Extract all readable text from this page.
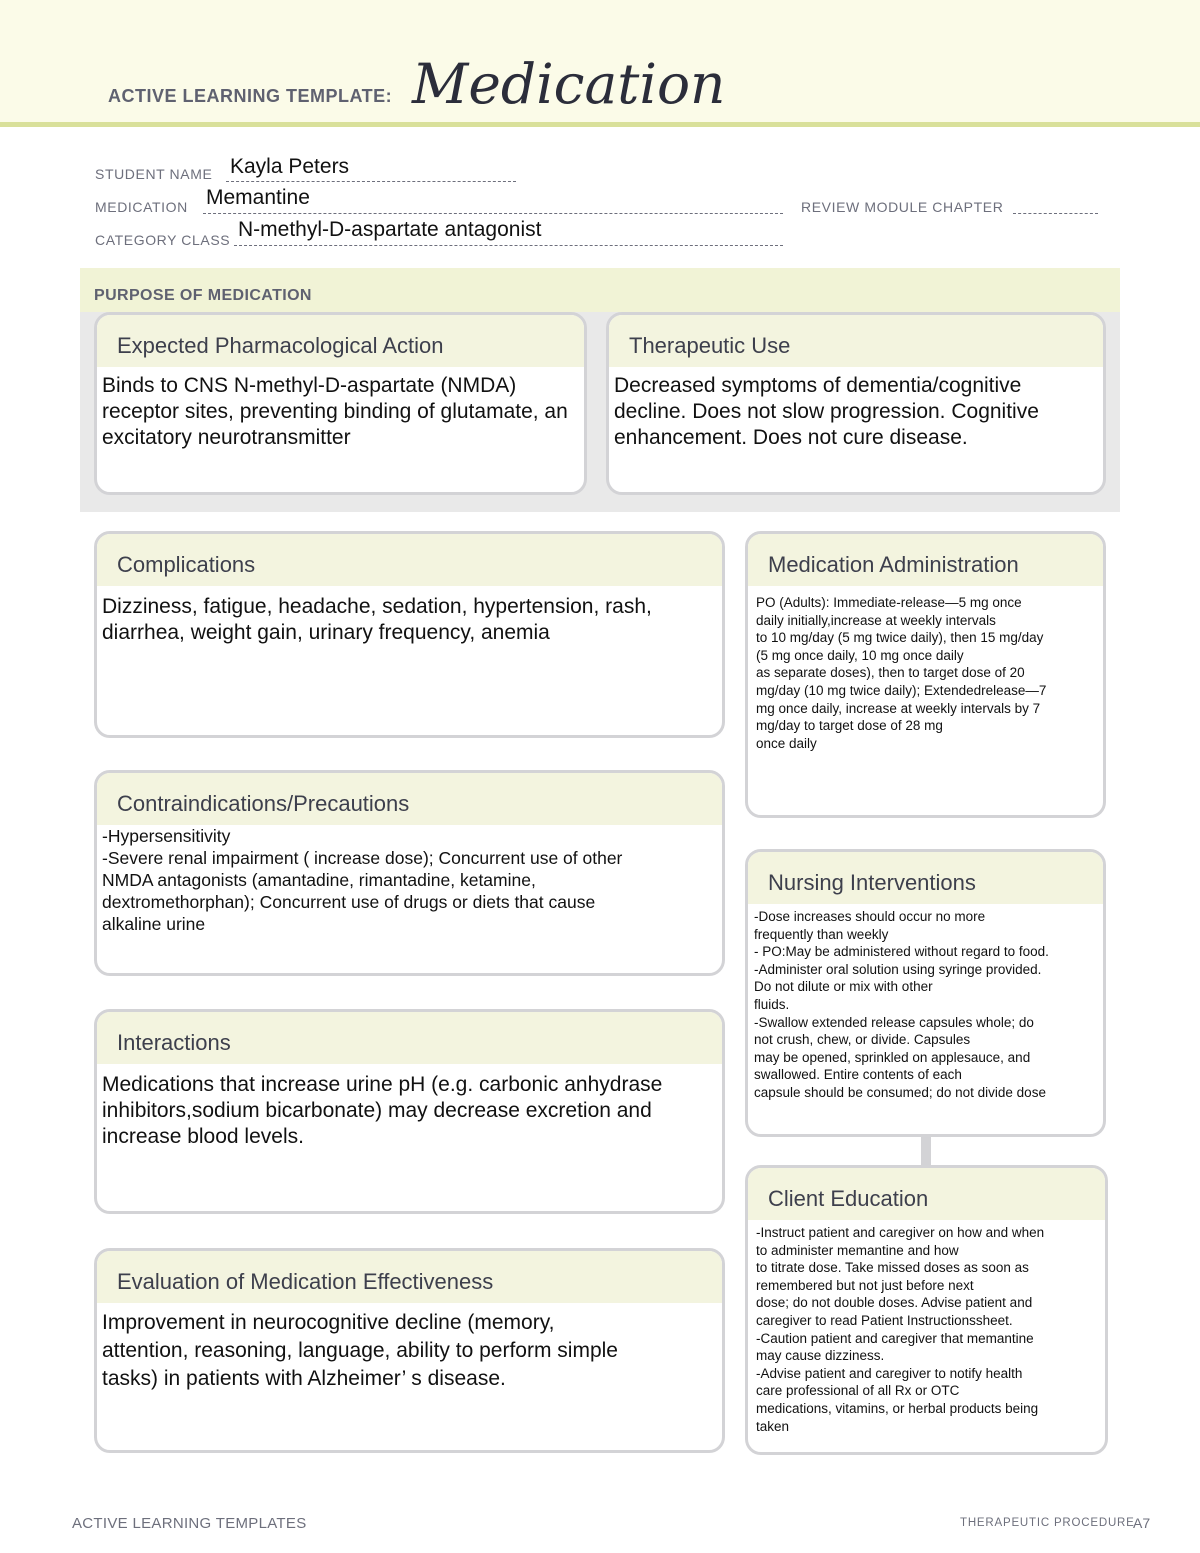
ACTIVE LEARNING TEMPLATE: Medication
STUDENT NAME Kayla Peters
MEDICATION Memantine	REVIEW MODULE CHAPTER
CATEGORY CLASS N-methyl-D-aspartate antagonist
PURPOSE OF MEDICATION
Expected Pharmacological Action
Binds to CNS N-methyl-D-aspartate (NMDA) receptor sites, preventing binding of glutamate, an excitatory neurotransmitter
Therapeutic Use
Decreased symptoms of dementia/cognitive decline. Does not slow progression. Cognitive enhancement. Does not cure disease.
Complications
Dizziness, fatigue, headache, sedation, hypertension, rash, diarrhea, weight gain, urinary frequency, anemia
Medication Administration
PO (Adults): Immediate-release—5 mg once
daily initially,increase at weekly intervals
to 10 mg/day (5 mg twice daily), then 15 mg/day
(5 mg once daily, 10 mg once daily
as separate doses), then to target dose of 20
mg/day (10 mg twice daily); Extendedrelease—7
mg once daily, increase at weekly intervals by 7
mg/day to target dose of 28 mg
once daily
Contraindications/Precautions
-Hypersensitivity
-Severe renal impairment ( increase dose); Concurrent use of other
NMDA antagonists (amantadine, rimantadine, ketamine,
dextromethorphan); Concurrent use of drugs or diets that cause
alkaline urine
Nursing Interventions
-Dose increases should occur no more
frequently than weekly
- PO:May be administered without regard to food.
-Administer oral solution using syringe provided.
Do not dilute or mix with other
fluids.
-Swallow extended release capsules whole; do
not crush, chew, or divide. Capsules
may be opened, sprinkled on applesauce, and
swallowed. Entire contents of each
capsule should be consumed; do not divide dose
Interactions
Medications that increase urine pH (e.g. carbonic anhydrase inhibitors,sodium bicarbonate) may decrease excretion and increase blood levels.
Client Education
-Instruct patient and caregiver on how and when
to administer memantine and how
to titrate dose. Take missed doses as soon as
remembered but not just before next
dose; do not double doses. Advise patient and
caregiver to read Patient Instructionssheet.
-Caution patient and caregiver that memantine
may cause dizziness.
-Advise patient and caregiver to notify health
care professional of all Rx or OTC
medications, vitamins, or herbal products being
taken
Evaluation of Medication Effectiveness
Improvement in neurocognitive decline (memory,
attention, reasoning, language, ability to perform simple
tasks) in patients with Alzheimer’ s disease.
ACTIVE LEARNING TEMPLATES	THERAPEUTIC PROCEDURE
A7
